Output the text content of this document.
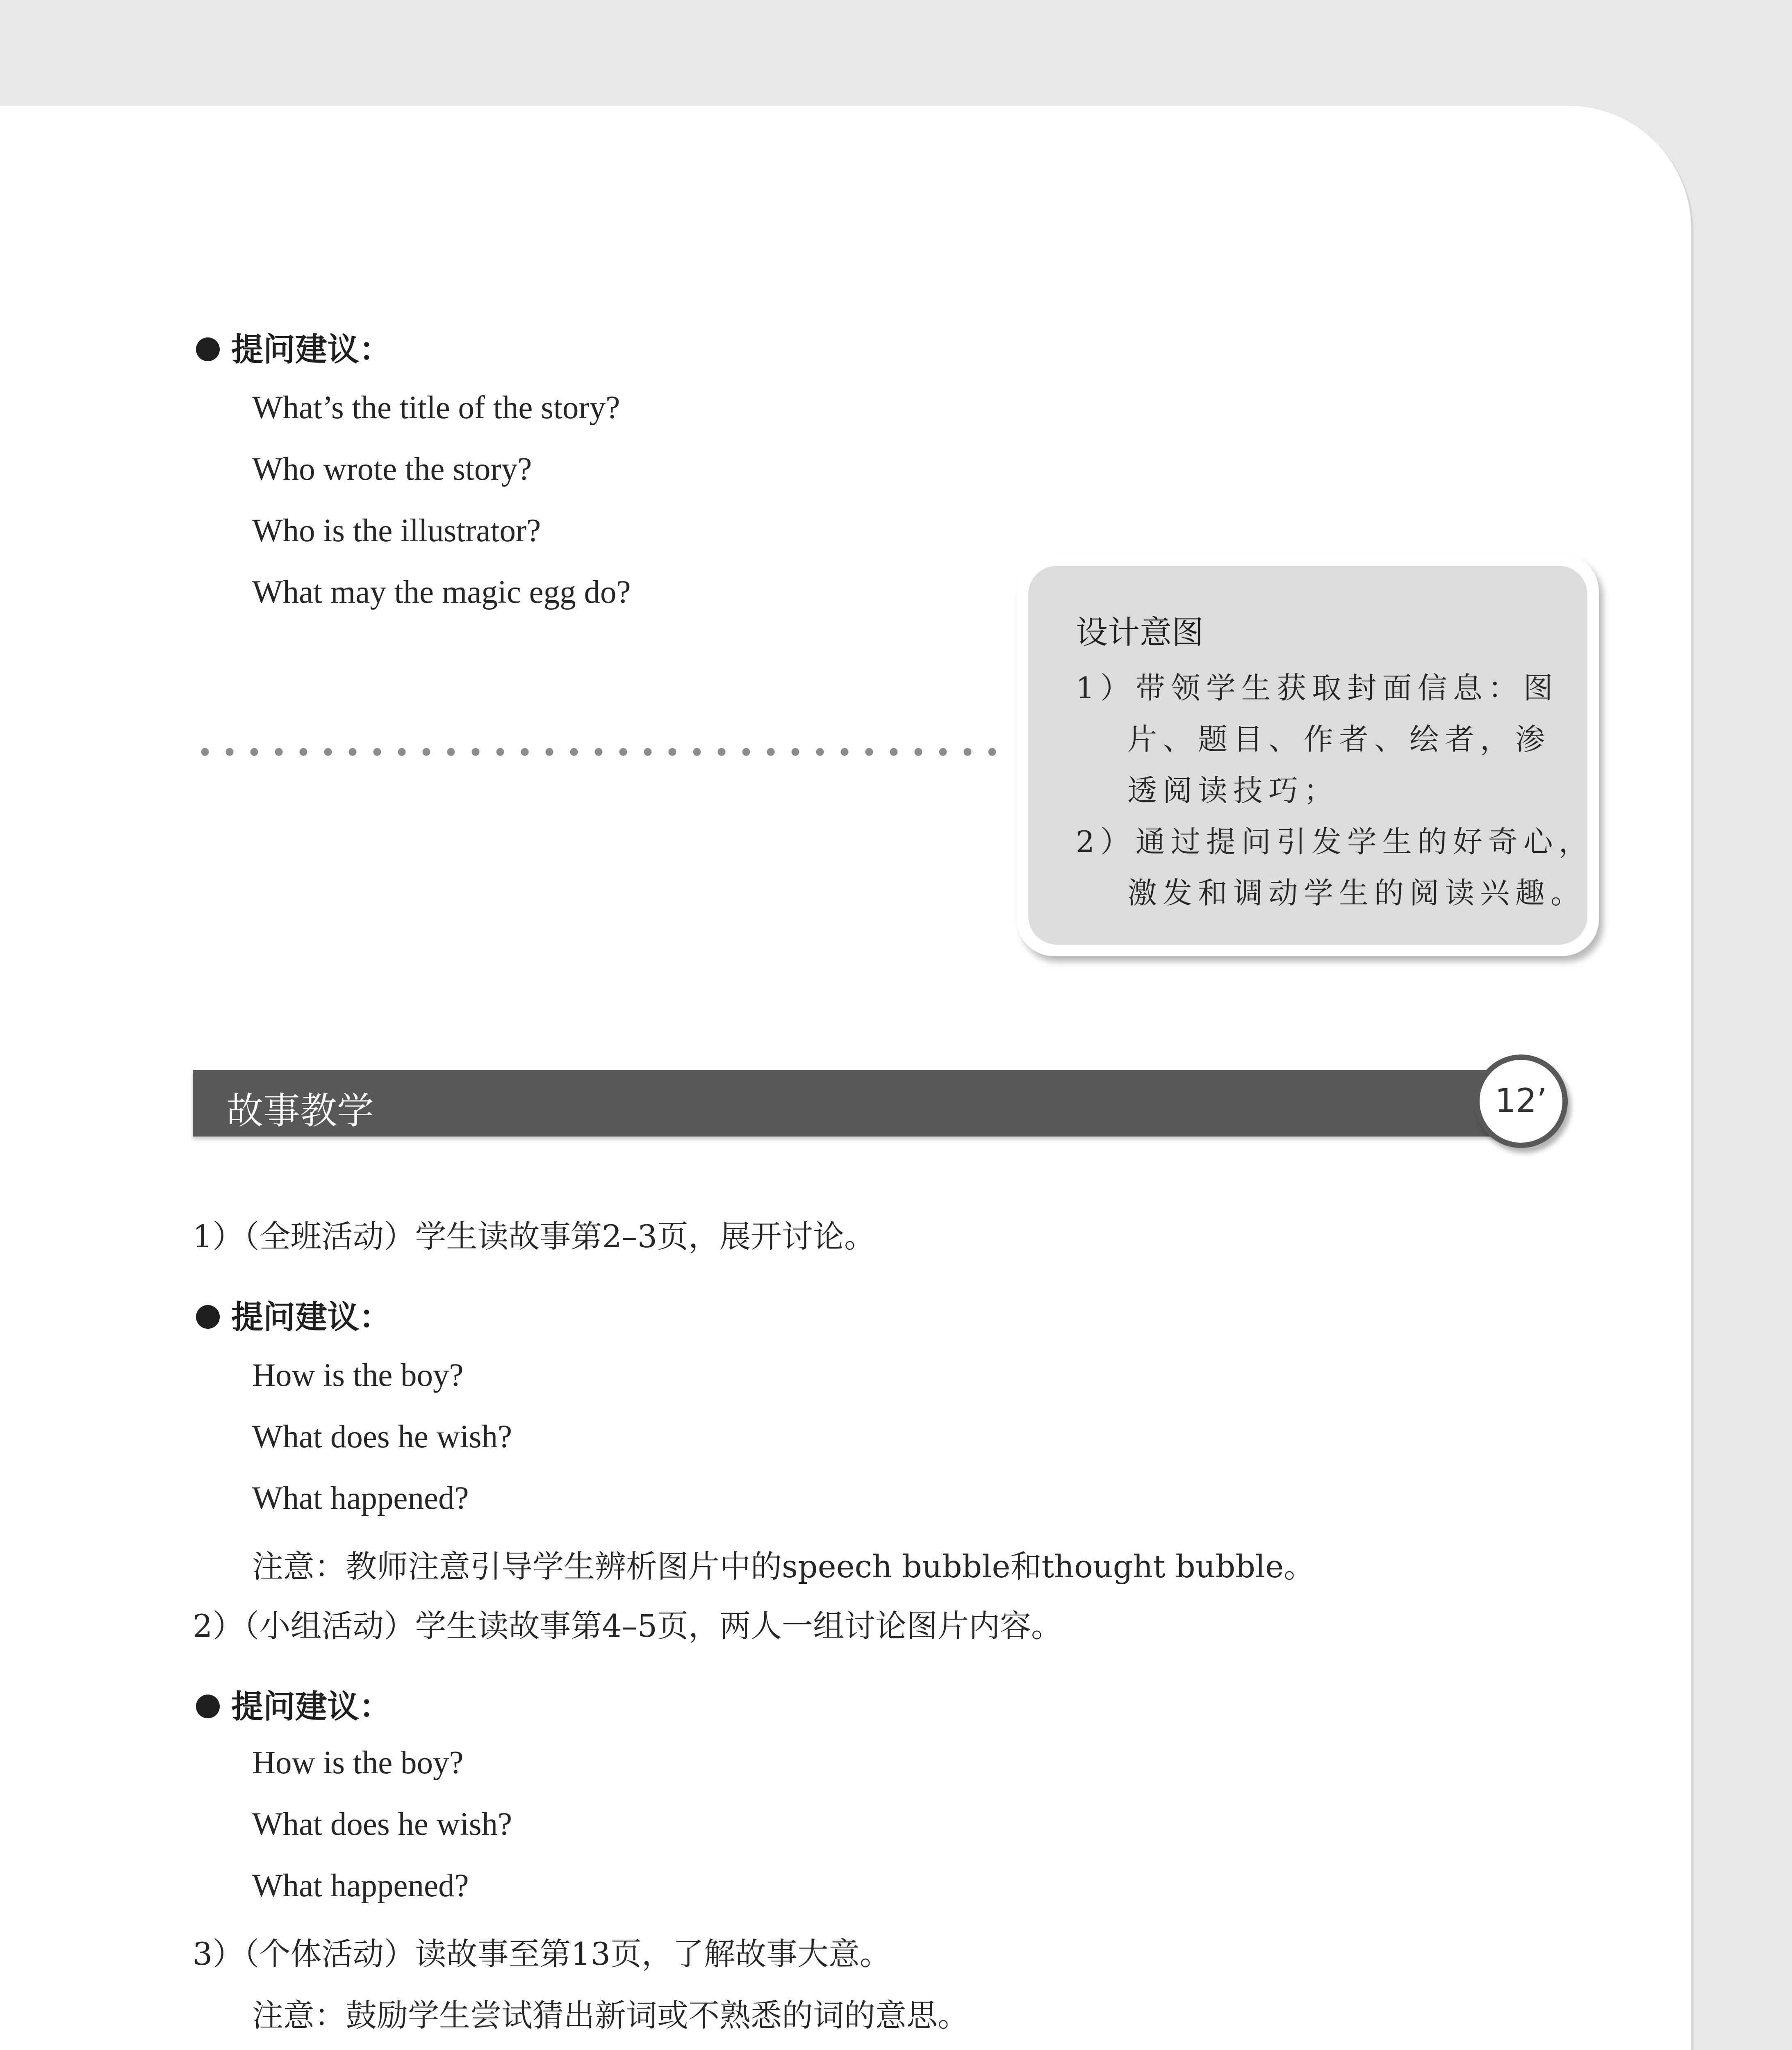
提问建议：
What’s the title of the story?
Who wrote the story?
Who is the illustrator?
What may the magic egg do?
设计意图
1）带领学生获取封面信息：图
片、题目、作者、绘者，渗
透阅读技巧；
2）通过提问引发学生的好奇心，
激发和调动学生的阅读兴趣。
故事教学	12’
1）（全班活动）学生读故事第2–3页，展开讨论。
提问建议：
How is the boy?
What does he wish?
What happened?
注意：教师注意引导学生辨析图片中的speech bubble和thought bubble。
2）（小组活动）学生读故事第4–5页，两人一组讨论图片内容。
提问建议：
How is the boy?
What does he wish?
What happened?
3）（个体活动）读故事至第13页，了解故事大意。
注意：鼓励学生尝试猜出新词或不熟悉的词的意思。
